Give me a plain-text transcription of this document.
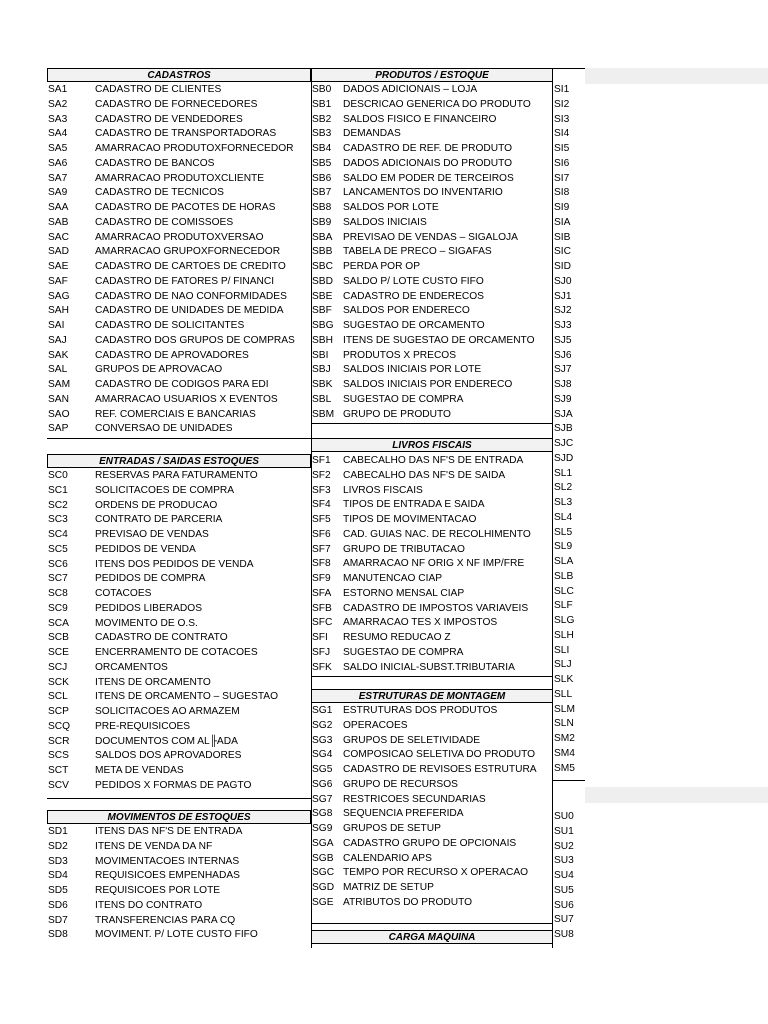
CADASTROS
SA1	CADASTRO DE CLIENTES
SA2	CADASTRO DE FORNECEDORES
SA3	CADASTRO DE VENDEDORES
SA4	CADASTRO DE TRANSPORTADORAS
SA5	AMARRACAO PRODUTOXFORNECEDOR
SA6	CADASTRO DE BANCOS
SA7	AMARRACAO PRODUTOXCLIENTE
SA9	CADASTRO DE TECNICOS
SAA	CADASTRO DE PACOTES DE HORAS
SAB	CADASTRO DE COMISSOES
SAC	AMARRACAO PRODUTOXVERSAO
SAD	AMARRACAO GRUPOXFORNECEDOR
SAE	CADASTRO DE CARTOES DE CREDITO
SAF	CADASTRO DE FATORES P/ FINANCI
SAG CADASTRO DE NAO CONFORMIDADES
SAH	CADASTRO DE UNIDADES DE MEDIDA
SAI	CADASTRO DE SOLICITANTES
SAJ	CADASTRO DOS GRUPOS DE COMPRAS
SAK	CADASTRO DE APROVADORES
SAL	GRUPOS DE APROVACAO
SAM CADASTRO DE CODIGOS PARA EDI
SAN	AMARRACAO USUARIOS X EVENTOS
SAO REF. COMERCIAIS E BANCARIAS
SAP	CONVERSAO DE UNIDADES
ENTRADAS / SAIDAS ESTOQUES
SC0	RESERVAS PARA FATURAMENTO
SC1	SOLICITACOES DE COMPRA
SC2	ORDENS DE PRODUCAO
SC3	CONTRATO DE PARCERIA
SC4	PREVISAO DE VENDAS
SC5	PEDIDOS DE VENDA
SC6	ITENS DOS PEDIDOS DE VENDA
SC7	PEDIDOS DE COMPRA
SC8	COTACOES
SC9	PEDIDOS LIBERADOS
SCA	MOVIMENTO DE O.S.
SCB	CADASTRO DE CONTRATO
SCE	ENCERRAMENTO DE COTACOES
SCJ	ORCAMENTOS
SCK	ITENS DE ORCAMENTO
SCL	ITENS DE ORCAMENTO – SUGESTAO
SCP	SOLICITACOES AO ARMAZEM
SCQ PRE-REQUISICOES
SCR DOCUMENTOS COM AL╟ADA
SCS	SALDOS DOS APROVADORES
SCT	META DE VENDAS
SCV	PEDIDOS X FORMAS DE PAGTO
MOVIMENTOS DE ESTOQUES
SD1	ITENS DAS NF'S DE ENTRADA
SD2	ITENS DE VENDA DA NF
SD3	MOVIMENTACOES INTERNAS
SD4	REQUISICOES EMPENHADAS
SD5	REQUISICOES POR LOTE
SD6	ITENS DO CONTRATO
SD7	TRANSFERENCIAS PARA CQ
SD8	MOVIMENT. P/ LOTE CUSTO FIFO
PRODUTOS / ESTOQUE
SB0 DADOS ADICIONAIS – LOJA
SB1 DESCRICAO GENERICA DO PRODUTO
SB2 SALDOS FISICO E FINANCEIRO
SB3 DEMANDAS
SB4 CADASTRO DE REF. DE PRODUTO
SB5 DADOS ADICIONAIS DO PRODUTO
SB6 SALDO EM PODER DE TERCEIROS
SB7 LANCAMENTOS DO INVENTARIO
SB8 SALDOS POR LOTE
SB9 SALDOS INICIAIS
SBA PREVISAO DE VENDAS – SIGALOJA
SBB TABELA DE PRECO – SIGAFAS
SBC PERDA POR OP
SBD SALDO P/ LOTE CUSTO FIFO
SBE CADASTRO DE ENDERECOS
SBF SALDOS POR ENDERECO
SBG SUGESTAO DE ORCAMENTO
SBH ITENS DE SUGESTAO DE ORCAMENTO
SBI PRODUTOS X PRECOS
SBJ SALDOS INICIAIS POR LOTE
SBK SALDOS INICIAIS POR ENDERECO
SBL SUGESTAO DE COMPRA
SBM GRUPO DE PRODUTO
LIVROS FISCAIS
SF1 CABECALHO DAS NF'S DE ENTRADA
SF2 CABECALHO DAS NF'S DE SAIDA
SF3 LIVROS FISCAIS
SF4 TIPOS DE ENTRADA E SAIDA
SF5 TIPOS DE MOVIMENTACAO
SF6 CAD. GUIAS NAC. DE RECOLHIMENTO
SF7 GRUPO DE TRIBUTACAO
SF8 AMARRACAO NF ORIG X NF IMP/FRE
SF9 MANUTENCAO CIAP
SFA ESTORNO MENSAL CIAP
SFB CADASTRO DE IMPOSTOS VARIAVEIS
SFC AMARRACAO TES X IMPOSTOS
SFI RESUMO REDUCAO Z
SFJ SUGESTAO DE COMPRA
SFK SALDO INICIAL-SUBST.TRIBUTARIA
ESTRUTURAS DE MONTAGEM
SG1 ESTRUTURAS DOS PRODUTOS
SG2 OPERACOES
SG3 GRUPOS DE SELETIVIDADE
SG4 COMPOSICAO SELETIVA DO PRODUTO
SG5 CADASTRO DE REVISOES ESTRUTURA
SG6 GRUPO DE RECURSOS
SG7 RESTRICOES SECUNDARIAS
SG8 SEQUENCIA PREFERIDA
SG9 GRUPOS DE SETUP
SGA CADASTRO GRUPO DE OPCIONAIS
SGB CALENDARIO APS
SGC TEMPO POR RECURSO X OPERACAO
SGD MATRIZ DE SETUP
SGE ATRIBUTOS DO PRODUTO
CARGA MAQUINA
SI1
SI2
SI3
SI4
SI5
SI6
SI7
SI8
SI9
SIA
SIB
SIC
SID
SJ0
SJ1
SJ2
SJ3
SJ5
SJ6
SJ7
SJ8
SJ9
SJA
SJB
SJC
SJD
SL1
SL2
SL3
SL4
SL5
SL9
SLA
SLB
SLC
SLF
SLG
SLH
SLI
SLJ
SLK
SLL
SLM
SLN
SM2
SM4
SM5
SU0
SU1
SU2
SU3
SU4
SU5
SU6
SU7
SU8
